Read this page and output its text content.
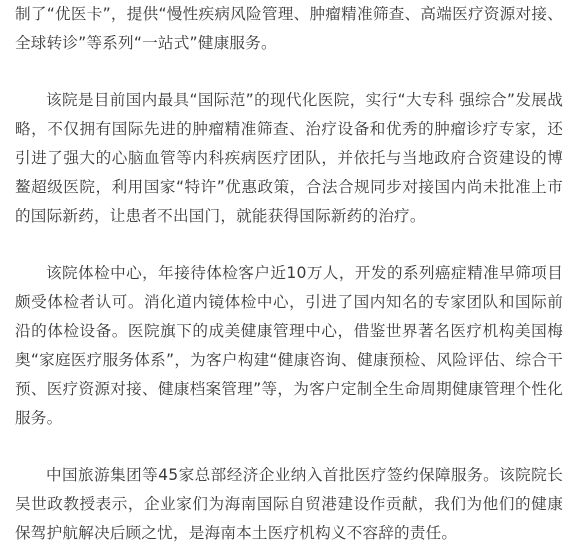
制了“优医卡”，提供“慢性疾病风险管理、肿瘤精准筛查、高端医疗资源对接、全球转诊”等系列“一站式”健康服务。

该院是目前国内最具“国际范”的现代化医院，实行“大专科 强综合”发展战略，不仅拥有国际先进的肿瘤精准筛查、治疗设备和优秀的肿瘤诊疗专家，还引进了强大的心脑血管等内科疾病医疗团队，并依托与当地政府合资建设的博鳌超级医院，利用国家“特许”优惠政策，合法合规同步对接国内尚未批准上市的国际新药，让患者不出国门，就能获得国际新药的治疗。

该院体检中心，年接待体检客户近10万人，开发的系列癌症精准早筛项目颇受体检者认可。消化道内镜体检中心，引进了国内知名的专家团队和国际前沿的体检设备。医院旗下的成美健康管理中心，借鉴世界著名医疗机构美国梅奥“家庭医疗服务体系”，为客户构建“健康咨询、健康预检、风险评估、综合干预、医疗资源对接、健康档案管理”等，为客户定制全生命周期健康管理个性化服务。

中国旅游集团等45家总部经济企业纳入首批医疗签约保障服务。该院院长吴世政教授表示，企业家们为海南国际自贸港建设作贡献，我们为他们的健康保驾护航解决后顾之忧，是海南本土医疗机构义不容辞的责任。
